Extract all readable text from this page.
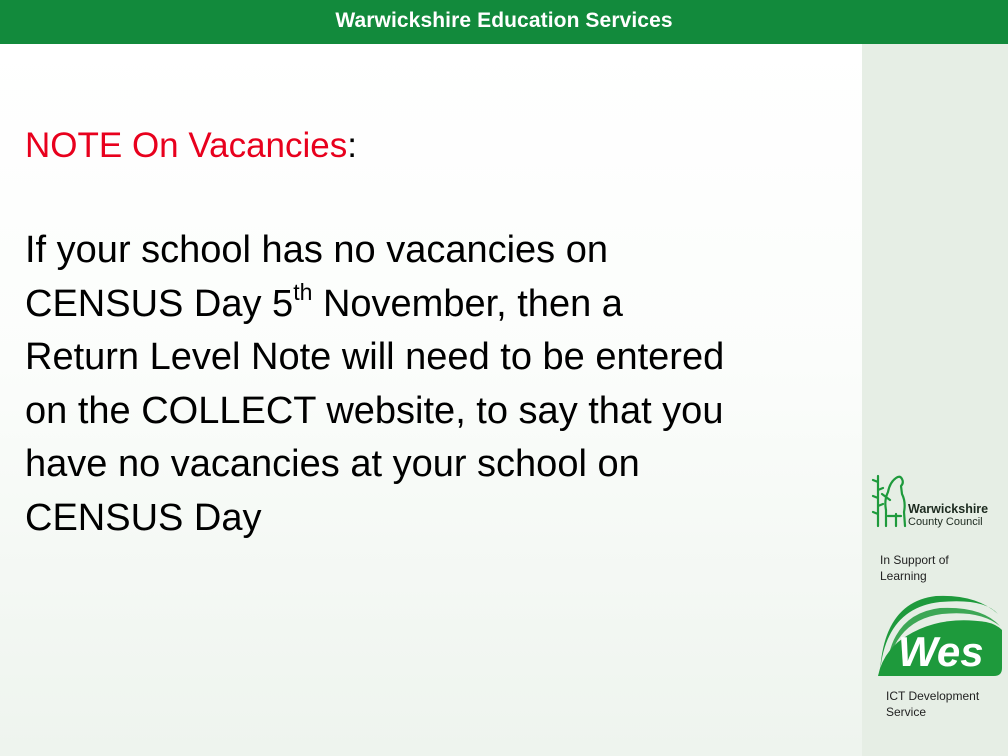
Warwickshire Education Services
NOTE On Vacancies:

If your school has no vacancies on
CENSUS Day 5th November, then a
Return Level Note will need to be entered
on the COLLECT website, to say that you
have no vacancies at your school on
CENSUS Day	Warwickshire
County Council
In Support of
Learning
Wes
ICT Development
Service
